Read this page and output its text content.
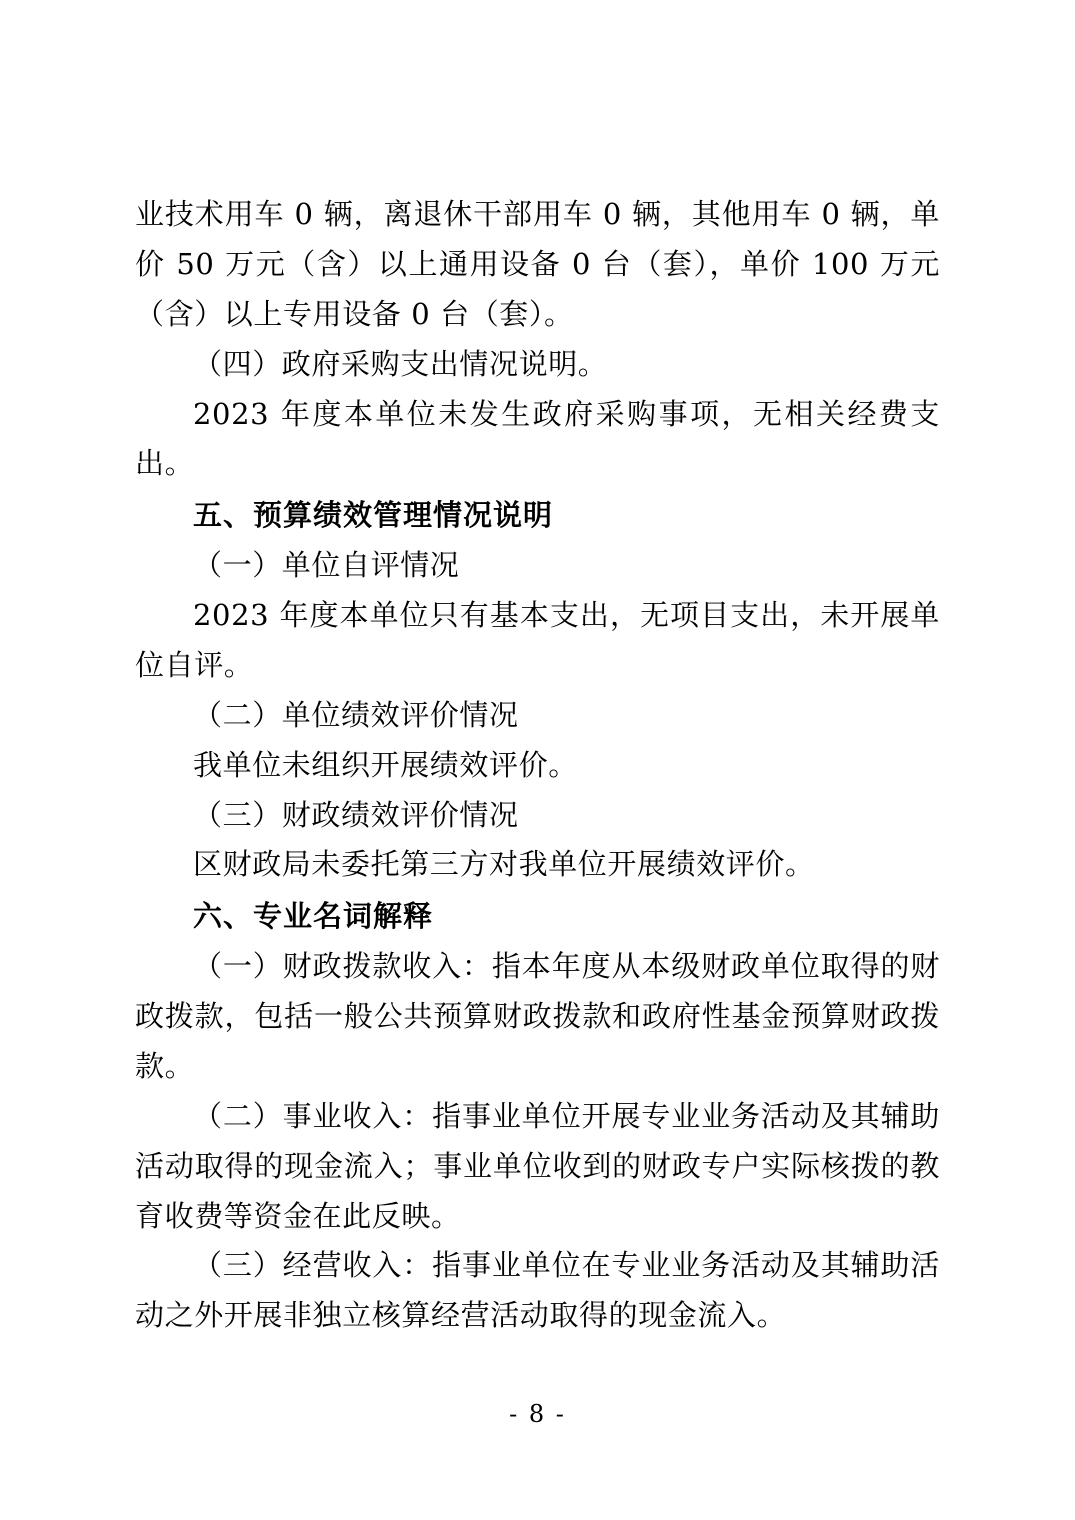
业技术用车 0 辆，离退休干部用车 0 辆，其他用车 0 辆，单价 50 万元（含）以上通用设备 0 台（套），单价 100 万元（含）以上专用设备 0 台（套）。

（四）政府采购支出情况说明。

2023 年度本单位未发生政府采购事项，无相关经费支出。

五、预算绩效管理情况说明

（一）单位自评情况

2023 年度本单位只有基本支出，无项目支出，未开展单位自评。

（二）单位绩效评价情况

我单位未组织开展绩效评价。

（三）财政绩效评价情况

区财政局未委托第三方对我单位开展绩效评价。

六、专业名词解释

（一）财政拨款收入：指本年度从本级财政单位取得的财政拨款，包括一般公共预算财政拨款和政府性基金预算财政拨款。

（二）事业收入：指事业单位开展专业业务活动及其辅助活动取得的现金流入；事业单位收到的财政专户实际核拨的教育收费等资金在此反映。

（三）经营收入：指事业单位在专业业务活动及其辅助活动之外开展非独立核算经营活动取得的现金流入。

- 8 -
